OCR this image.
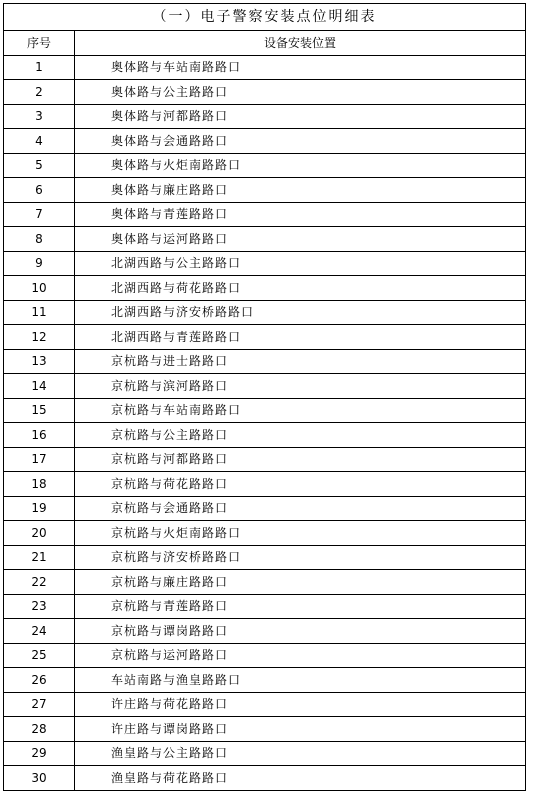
（一）电子警察安装点位明细表	
序号	设备安装位置
1	奥体路与车站南路路口
2	奥体路与公主路路口
3	奥体路与河都路路口
4	奥体路与会通路路口
5	奥体路与火炬南路路口
6	奥体路与廉庄路路口
7	奥体路与青莲路路口
8	奥体路与运河路路口
9	北湖西路与公主路路口
10	北湖西路与荷花路路口
11	北湖西路与济安桥路路口
12	北湖西路与青莲路路口
13	京杭路与进士路路口
14	京杭路与滨河路路口
15	京杭路与车站南路路口
16	京杭路与公主路路口
17	京杭路与河都路路口
18	京杭路与荷花路路口
19	京杭路与会通路路口
20	京杭路与火炬南路路口
21	京杭路与济安桥路路口
22	京杭路与廉庄路路口
23	京杭路与青莲路路口
24	京杭路与谭岗路路口
25	京杭路与运河路路口
26	车站南路与渔皇路路口
27	许庄路与荷花路路口
28	许庄路与谭岗路路口
29	渔皇路与公主路路口
30	渔皇路与荷花路路口
